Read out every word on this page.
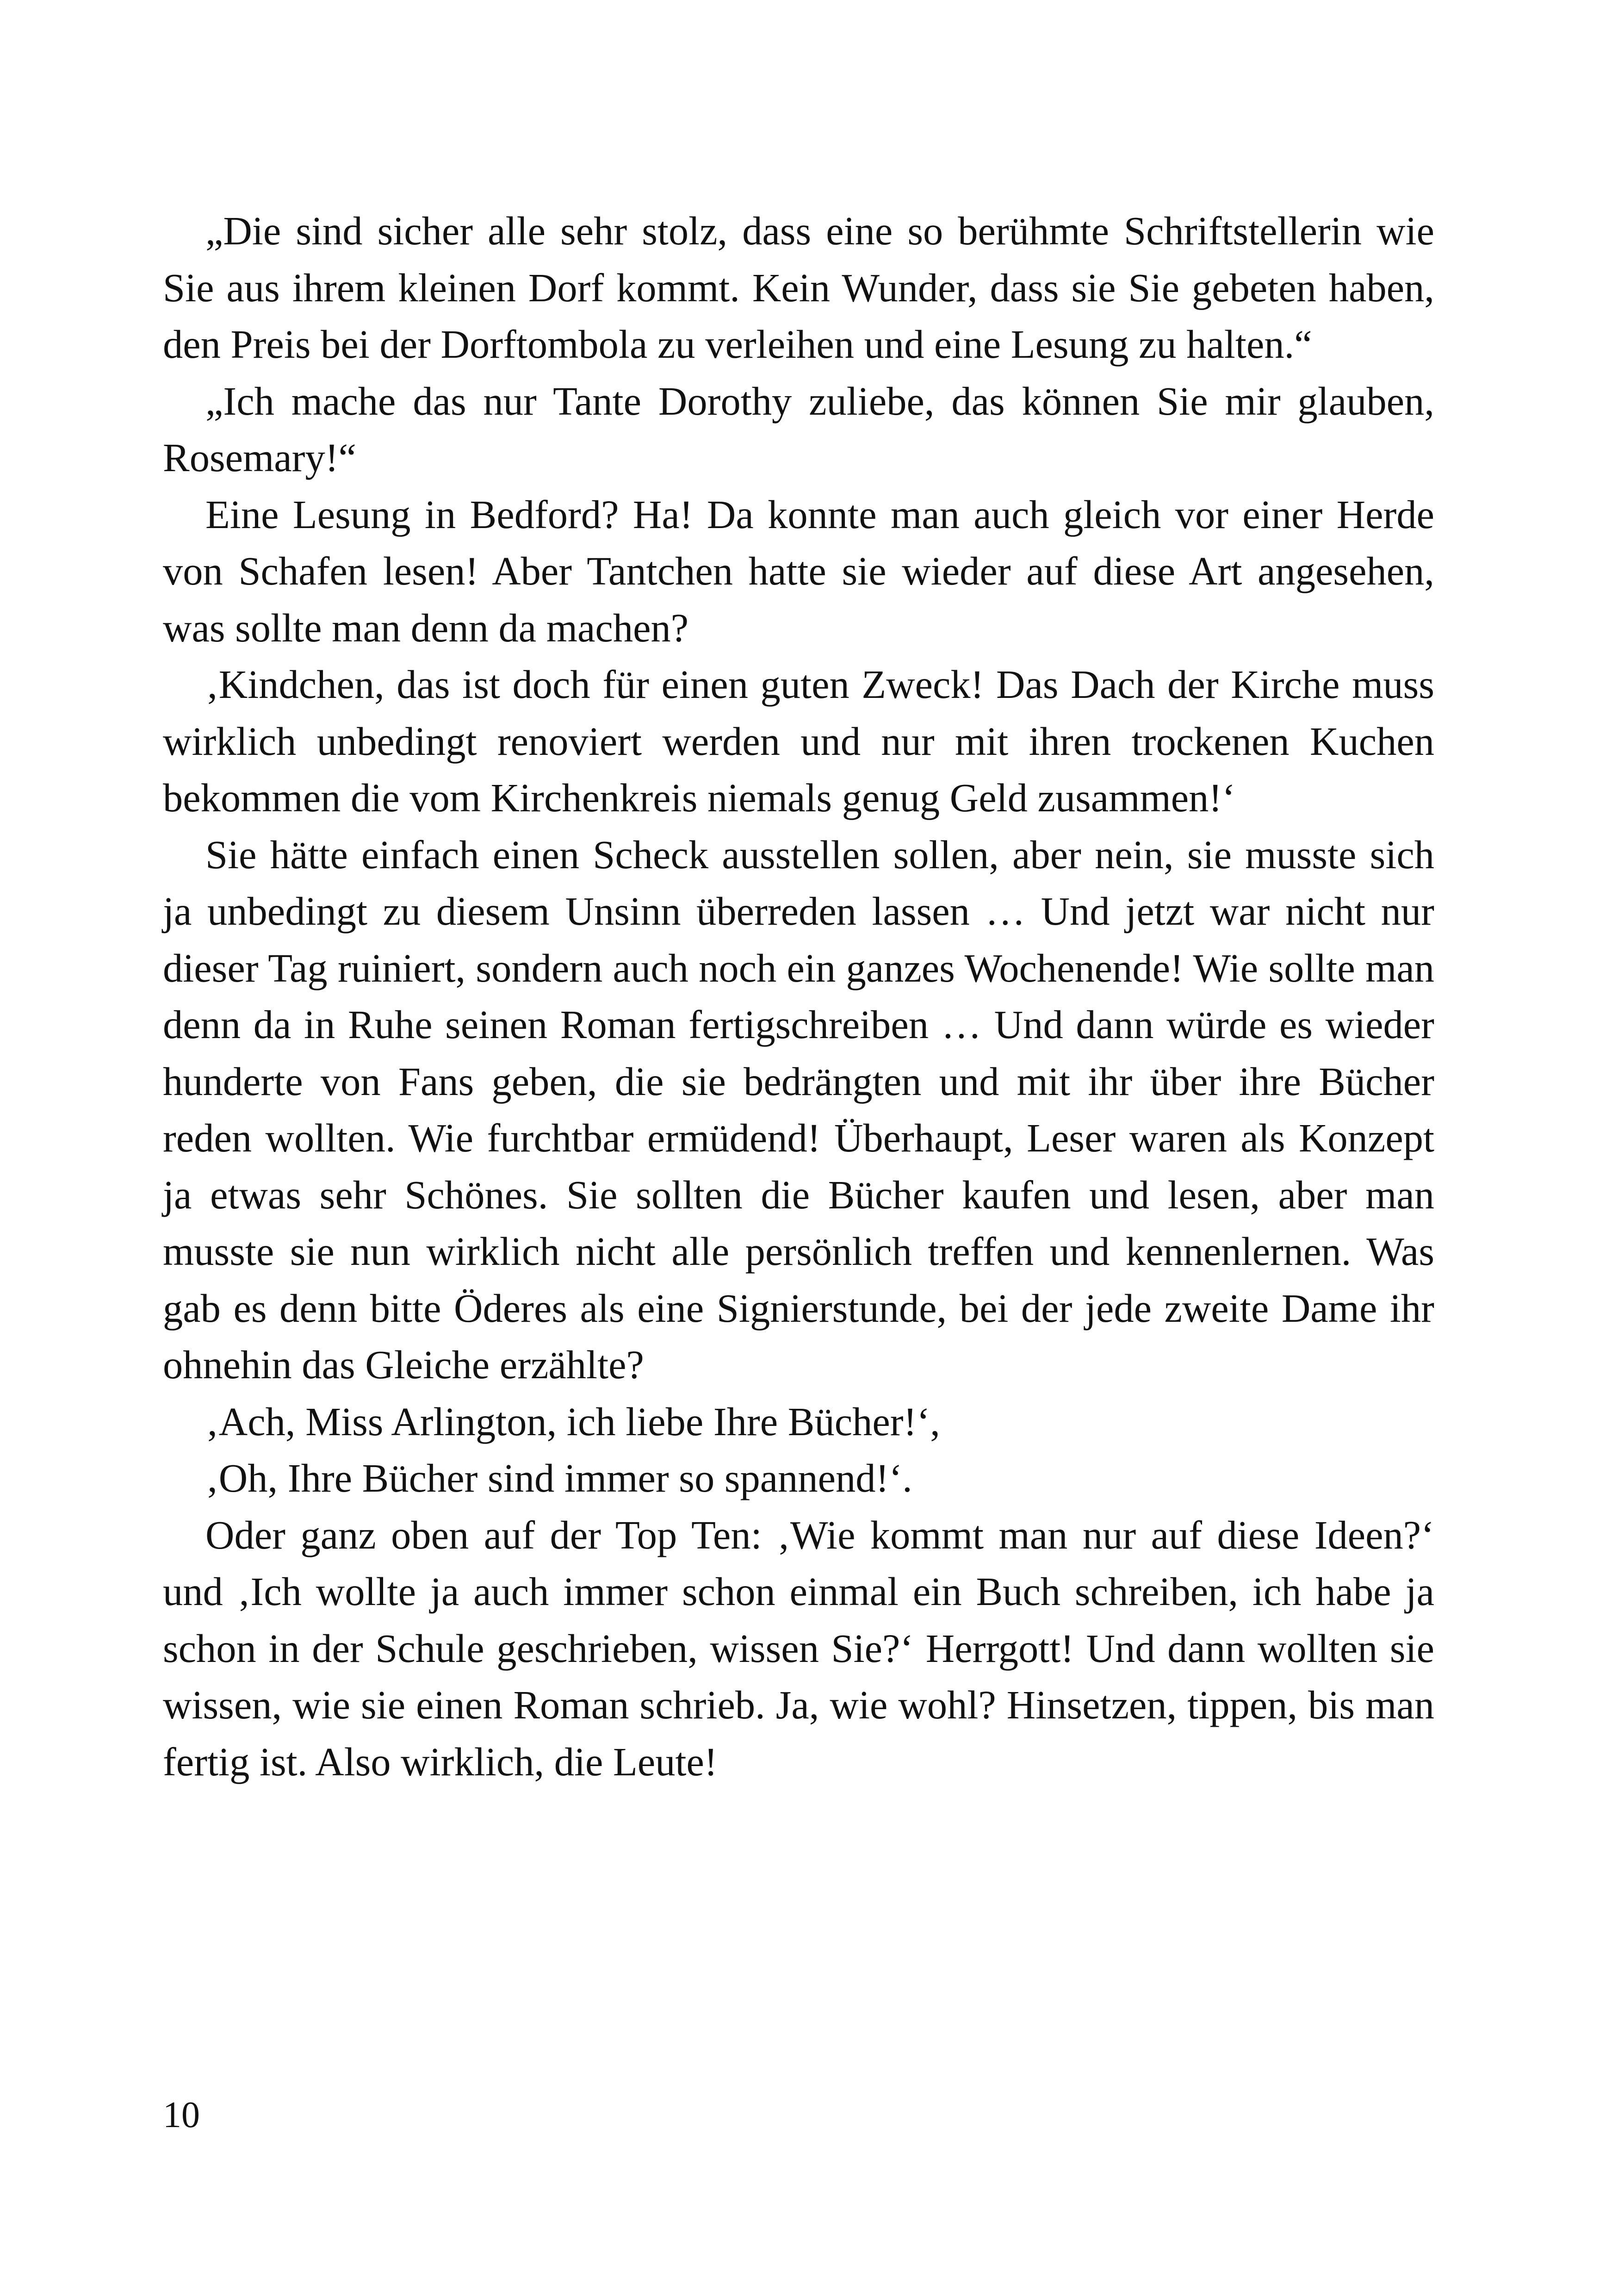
„Die sind sicher alle sehr stolz, dass eine so berühmte Schriftstellerin wie Sie aus ihrem kleinen Dorf kommt. Kein Wunder, dass sie Sie gebeten haben, den Preis bei der Dorftombola zu verleihen und eine Lesung zu halten.“

„Ich mache das nur Tante Dorothy zuliebe, das können Sie mir glauben, Rosemary!“

Eine Lesung in Bedford? Ha! Da konnte man auch gleich vor einer Herde von Schafen lesen! Aber Tantchen hatte sie wieder auf diese Art angesehen, was sollte man denn da machen?

‚Kindchen, das ist doch für einen guten Zweck! Das Dach der Kirche muss wirklich unbedingt renoviert werden und nur mit ihren trockenen Kuchen bekommen die vom Kirchenkreis niemals genug Geld zusammen!‘

Sie hätte einfach einen Scheck ausstellen sollen, aber nein, sie musste sich ja unbedingt zu diesem Unsinn überreden lassen … Und jetzt war nicht nur dieser Tag ruiniert, sondern auch noch ein ganzes Wochenende! Wie sollte man denn da in Ruhe seinen Roman fertigschreiben … Und dann würde es wieder hunderte von Fans geben, die sie bedrängten und mit ihr über ihre Bücher reden wollten. Wie furchtbar ermüdend! Überhaupt, Leser waren als Konzept ja etwas sehr Schönes. Sie sollten die Bücher kaufen und lesen, aber man musste sie nun wirklich nicht alle persönlich treffen und kennenlernen. Was gab es denn bitte Öderes als eine Signierstunde, bei der jede zweite Dame ihr ohnehin das Gleiche erzählte?

‚Ach, Miss Arlington, ich liebe Ihre Bücher!‘,

‚Oh, Ihre Bücher sind immer so spannend!‘.

Oder ganz oben auf der Top Ten: ‚Wie kommt man nur auf diese Ideen?‘ und ‚Ich wollte ja auch immer schon einmal ein Buch schreiben, ich habe ja schon in der Schule geschrieben, wissen Sie?‘ Herrgott! Und dann wollten sie wissen, wie sie einen Roman schrieb. Ja, wie wohl? Hinsetzen, tippen, bis man fertig ist. Also wirklich, die Leute!

10
